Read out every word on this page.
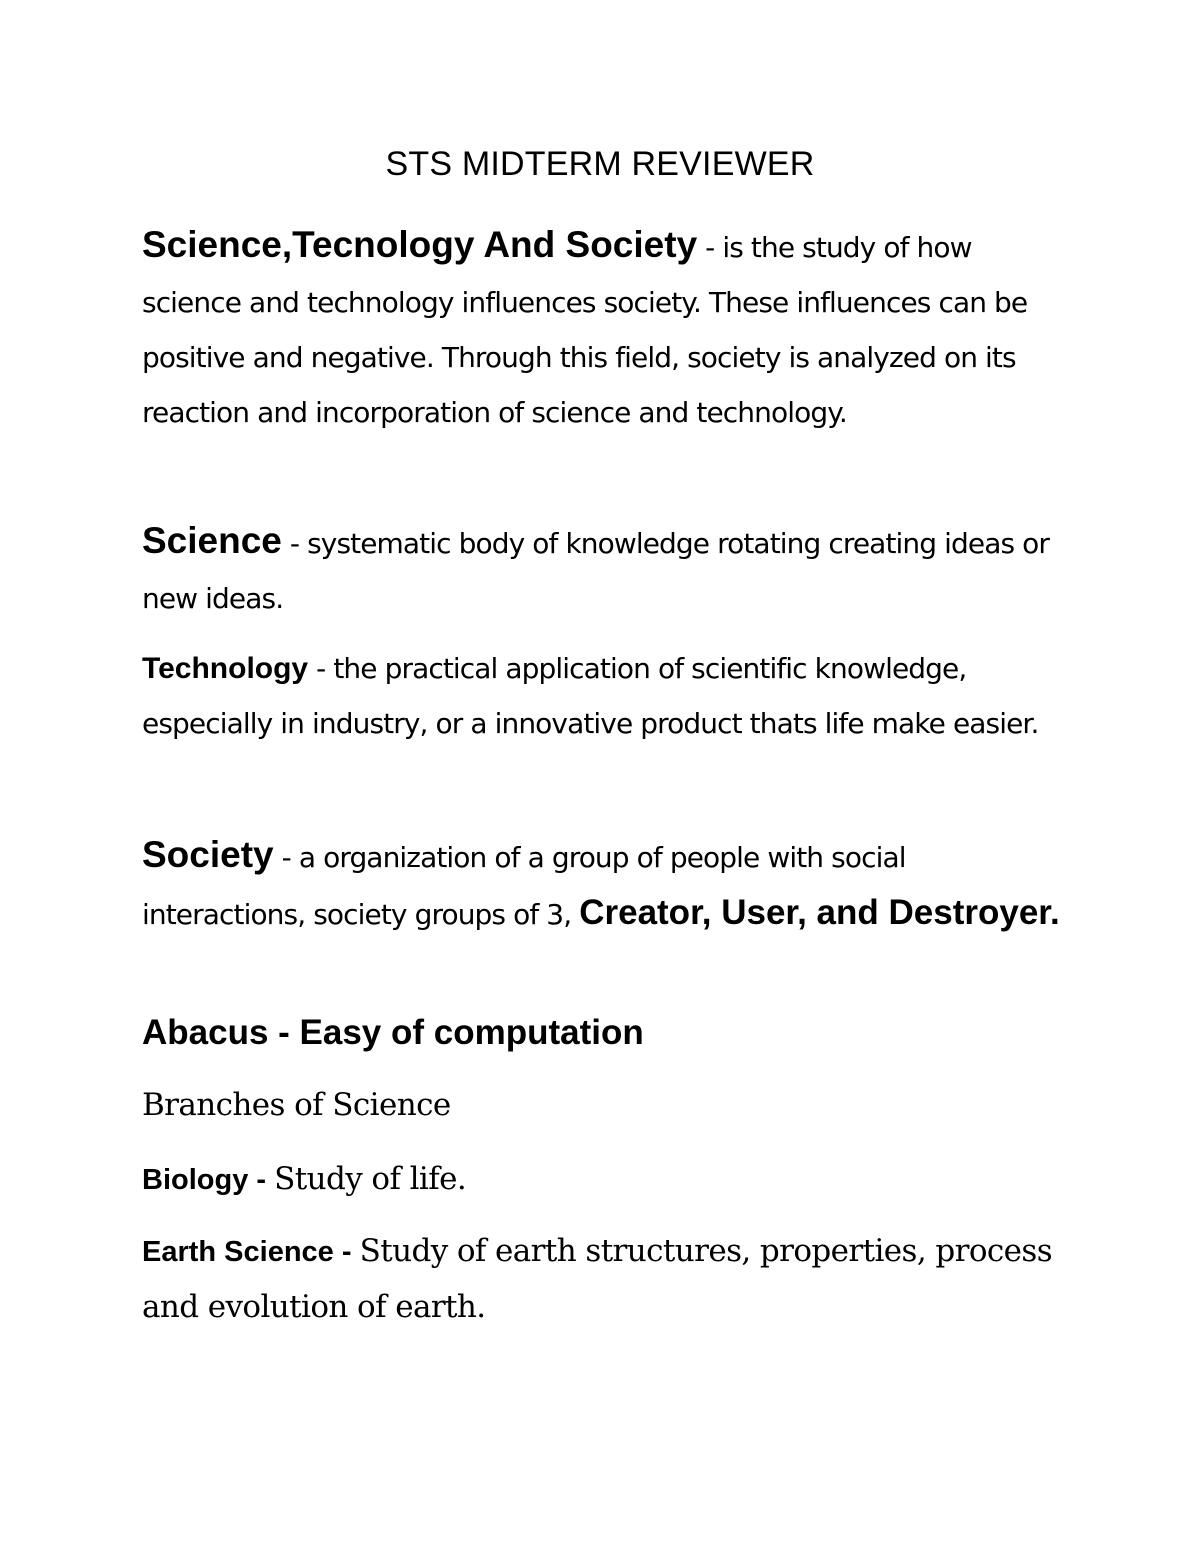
STS MIDTERM REVIEWER
Science,Tecnology And Society - is the study of how science and technology influences society. These influences can be positive and negative. Through this field, society is analyzed on its reaction and incorporation of science and technology.
Science - systematic body of knowledge rotating creating ideas or new ideas.
Technology - the practical application of scientific knowledge, especially in industry, or a innovative product thats life make easier.
Society - a organization of a group of people with social interactions, society groups of 3, Creator, User, and Destroyer.
Abacus - Easy of computation
Branches of Science
Biology - Study of life.
Earth Science - Study of earth structures, properties, process and evolution of earth.
